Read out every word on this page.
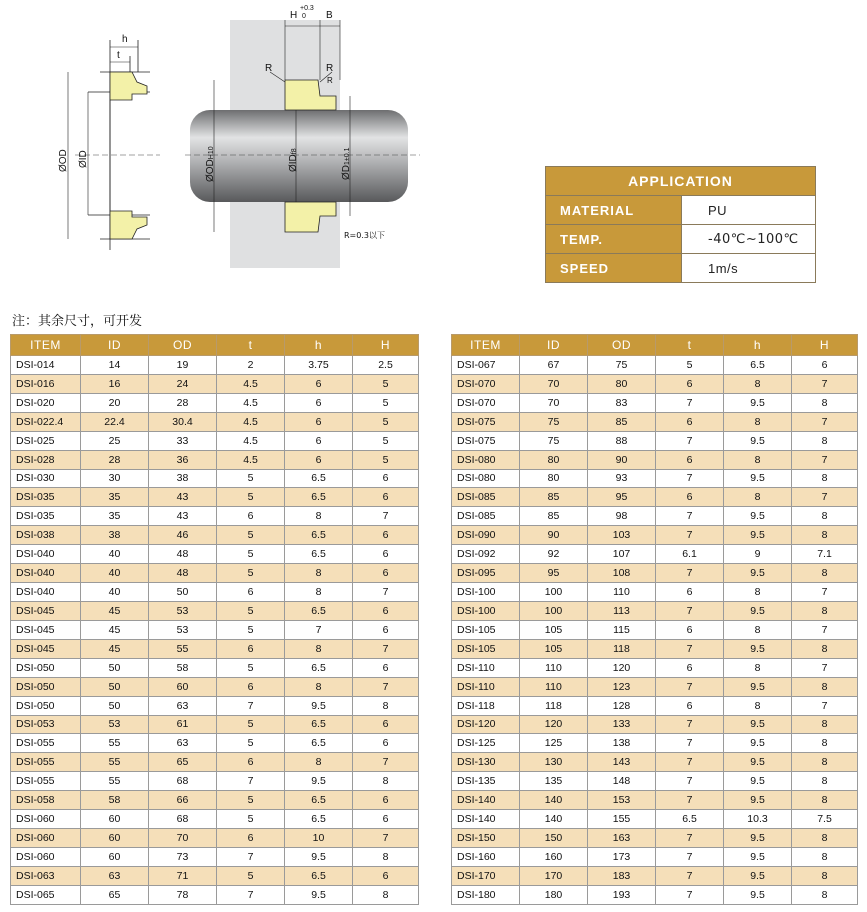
h
t
ØOD ØID
H
+0.3
0 B
R	R
R
ØODH10
ØIDf8
ØD1±0.1
R=0.3以下
APPLICATION	
MATERIAL	PU
TEMP.	-40℃~100℃
SPEED	1m/s
注：其余尺寸，可开发
ITEM	ID	OD	t	h	H
DSI-014	14	19	2	3.75	2.5
DSI-016	16	24	4.5	6	5
DSI-020	20	28	4.5	6	5
DSI-022.4	22.4	30.4	4.5	6	5
DSI-025	25	33	4.5	6	5
DSI-028	28	36	4.5	6	5
DSI-030	30	38	5	6.5	6
DSI-035	35	43	5	6.5	6
DSI-035	35	43	6	8	7
DSI-038	38	46	5	6.5	6
DSI-040	40	48	5	6.5	6
DSI-040	40	48	5	8	6
DSI-040	40	50	6	8	7
DSI-045	45	53	5	6.5	6
DSI-045	45	53	5	7	6
DSI-045	45	55	6	8	7
DSI-050	50	58	5	6.5	6
DSI-050	50	60	6	8	7
DSI-050	50	63	7	9.5	8
DSI-053	53	61	5	6.5	6
DSI-055	55	63	5	6.5	6
DSI-055	55	65	6	8	7
DSI-055	55	68	7	9.5	8
DSI-058	58	66	5	6.5	6
DSI-060	60	68	5	6.5	6
DSI-060	60	70	6	10	7
DSI-060	60	73	7	9.5	8
DSI-063	63	71	5	6.5	6
DSI-065	65	78	7	9.5	8
ITEM	ID	OD	t	h	H
DSI-067	67	75	5	6.5	6
DSI-070	70	80	6	8	7
DSI-070	70	83	7	9.5	8
DSI-075	75	85	6	8	7
DSI-075	75	88	7	9.5	8
DSI-080	80	90	6	8	7
DSI-080	80	93	7	9.5	8
DSI-085	85	95	6	8	7
DSI-085	85	98	7	9.5	8
DSI-090	90	103	7	9.5	8
DSI-092	92	107	6.1	9	7.1
DSI-095	95	108	7	9.5	8
DSI-100	100	110	6	8	7
DSI-100	100	113	7	9.5	8
DSI-105	105	115	6	8	7
DSI-105	105	118	7	9.5	8
DSI-110	110	120	6	8	7
DSI-110	110	123	7	9.5	8
DSI-118	118	128	6	8	7
DSI-120	120	133	7	9.5	8
DSI-125	125	138	7	9.5	8
DSI-130	130	143	7	9.5	8
DSI-135	135	148	7	9.5	8
DSI-140	140	153	7	9.5	8
DSI-140	140	155	6.5	10.3	7.5
DSI-150	150	163	7	9.5	8
DSI-160	160	173	7	9.5	8
DSI-170	170	183	7	9.5	8
DSI-180	180	193	7	9.5	8
